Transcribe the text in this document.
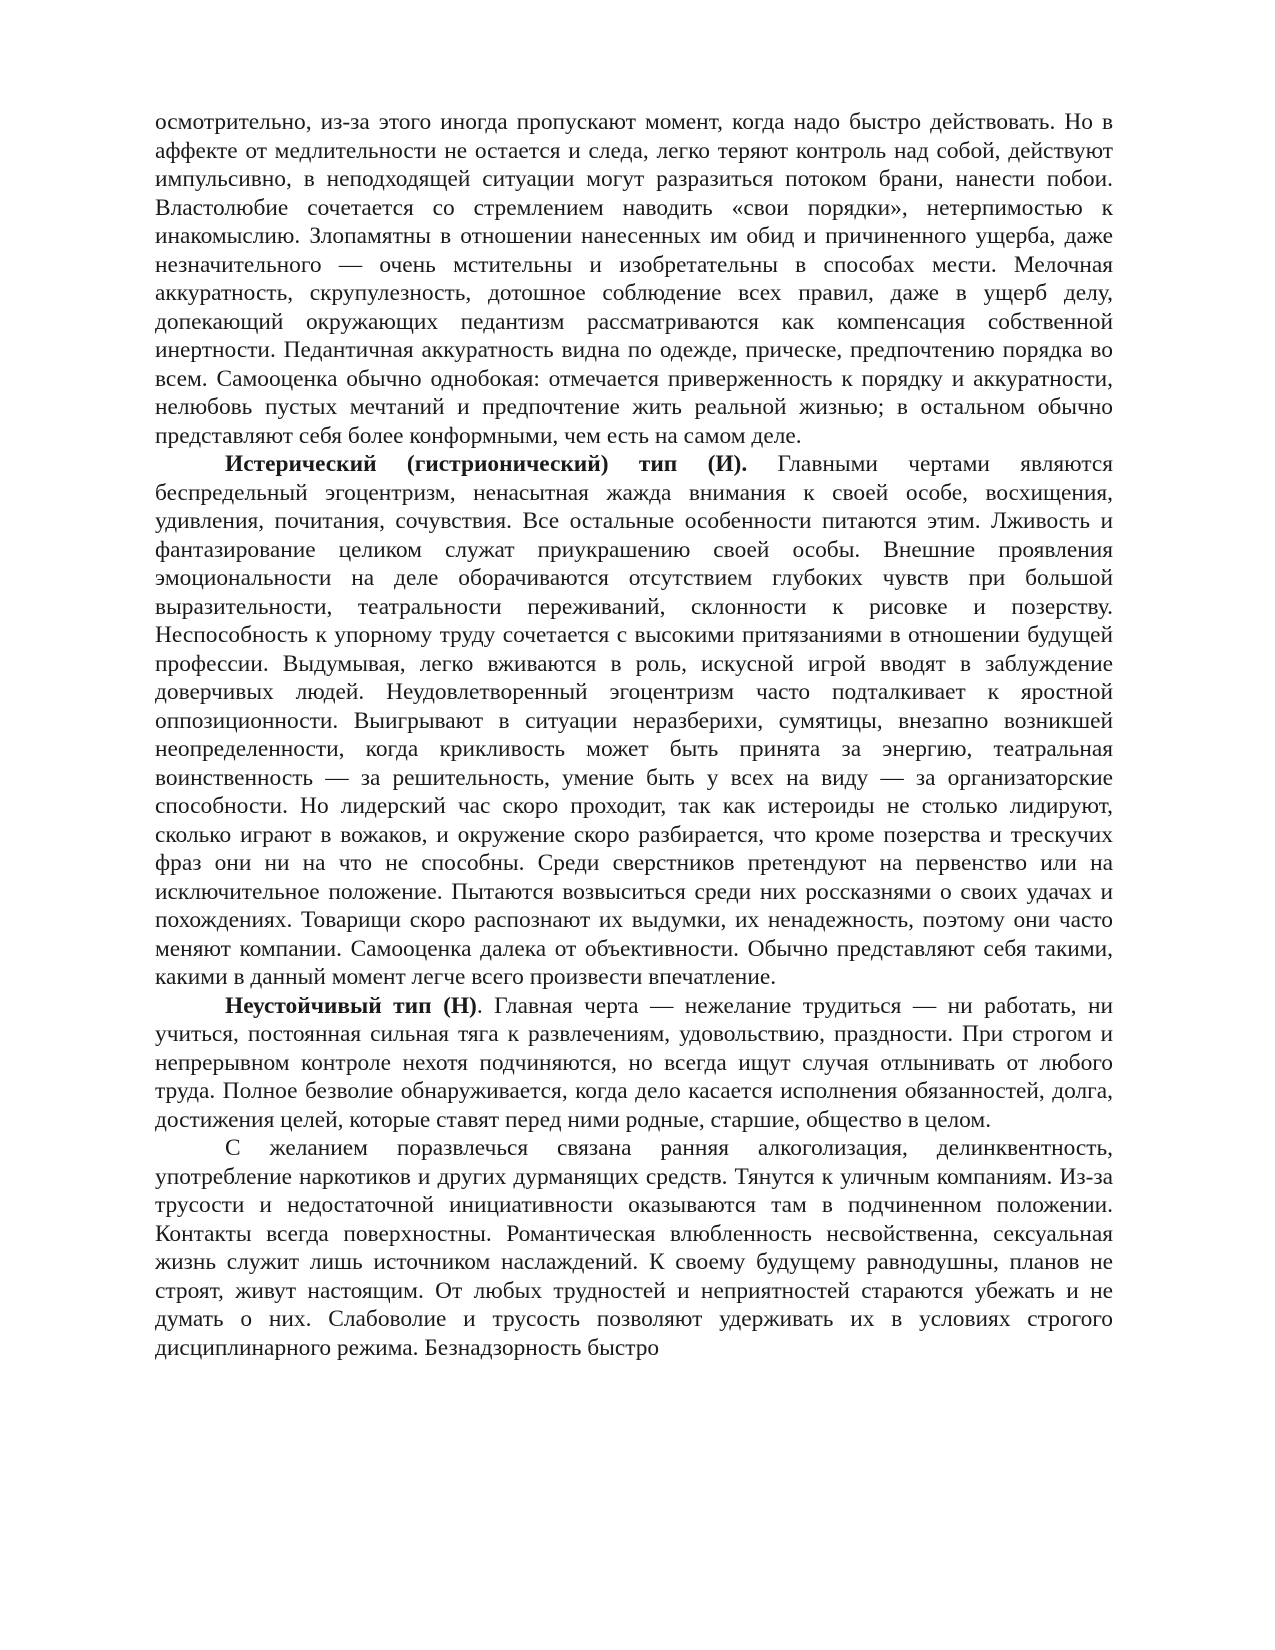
осмотрительно, из-за этого иногда пропускают момент, когда надо быстро действовать. Но в аффекте от медлительности не остается и следа, легко теряют контроль над собой, действуют импульсивно, в неподходящей ситуации могут разразиться потоком брани, нанести побои. Властолюбие сочетается со стремлением наводить «свои порядки», нетерпимостью к инакомыслию. Злопамятны в отношении нанесенных им обид и причиненного ущерба, даже незначительного — очень мстительны и изобретательны в способах мести. Мелочная аккуратность, скрупулезность, дотошное соблюдение всех правил, даже в ущерб делу, допекающий окружающих педантизм рассматриваются как компенсация собственной инертности. Педантичная аккуратность видна по одежде, прическе, предпочтению порядка во всем. Самооценка обычно однобокая: отмечается приверженность к порядку и аккуратности, нелюбовь пустых мечтаний и предпочтение жить реальной жизнью; в остальном обычно представляют себя более конформными, чем есть на самом деле.

Истерический (гистрионический) тип (И). Главными чертами являются беспредельный эгоцентризм, ненасытная жажда внимания к своей особе, восхищения, удивления, почитания, сочувствия. Все остальные особенности питаются этим. Лживость и фантазирование целиком служат приукрашению своей особы. Внешние проявления эмоциональности на деле оборачиваются отсутствием глубоких чувств при большой выразительности, театральности переживаний, склонности к рисовке и позерству. Неспособность к упорному труду сочетается с высокими притязаниями в отношении будущей профессии. Выдумывая, легко вживаются в роль, искусной игрой вводят в заблуждение доверчивых людей. Неудовлетворенный эгоцентризм часто подталкивает к яростной оппозиционности. Выигрывают в ситуации неразберихи, сумятицы, внезапно возникшей неопределенности, когда крикливость может быть принята за энергию, театральная воинственность — за решительность, умение быть у всех на виду — за организаторские способности. Но лидерский час скоро проходит, так как истероиды не столько лидируют, сколько играют в вожаков, и окружение скоро разбирается, что кроме позерства и трескучих фраз они ни на что не способны. Среди сверстников претендуют на первенство или на исключительное положение. Пытаются возвыситься среди них россказнями о своих удачах и похождениях. Товарищи скоро распознают их выдумки, их ненадежность, поэтому они часто меняют компании. Самооценка далека от объективности. Обычно представляют себя такими, какими в данный момент легче всего произвести впечатление.

Неустойчивый тип (Н). Главная черта — нежелание трудиться — ни работать, ни учиться, постоянная сильная тяга к развлечениям, удовольствию, праздности. При строгом и непрерывном контроле нехотя подчиняются, но всегда ищут случая отлынивать от любого труда. Полное безволие обнаруживается, когда дело касается исполнения обязанностей, долга, достижения целей, которые ставят перед ними родные, старшие, общество в целом.

С желанием поразвлечься связана ранняя алкоголизация, делинквентность, употребление наркотиков и других дурманящих средств. Тянутся к уличным компаниям. Из-за трусости и недостаточной инициативности оказываются там в подчиненном положении. Контакты всегда поверхностны. Романтическая влюбленность несвойственна, сексуальная жизнь служит лишь источником наслаждений. К своему будущему равнодушны, планов не строят, живут настоящим. От любых трудностей и неприятностей стараются убежать и не думать о них. Слабоволие и трусость позволяют удерживать их в условиях строгого дисциплинарного режима. Безнадзорность быстро
